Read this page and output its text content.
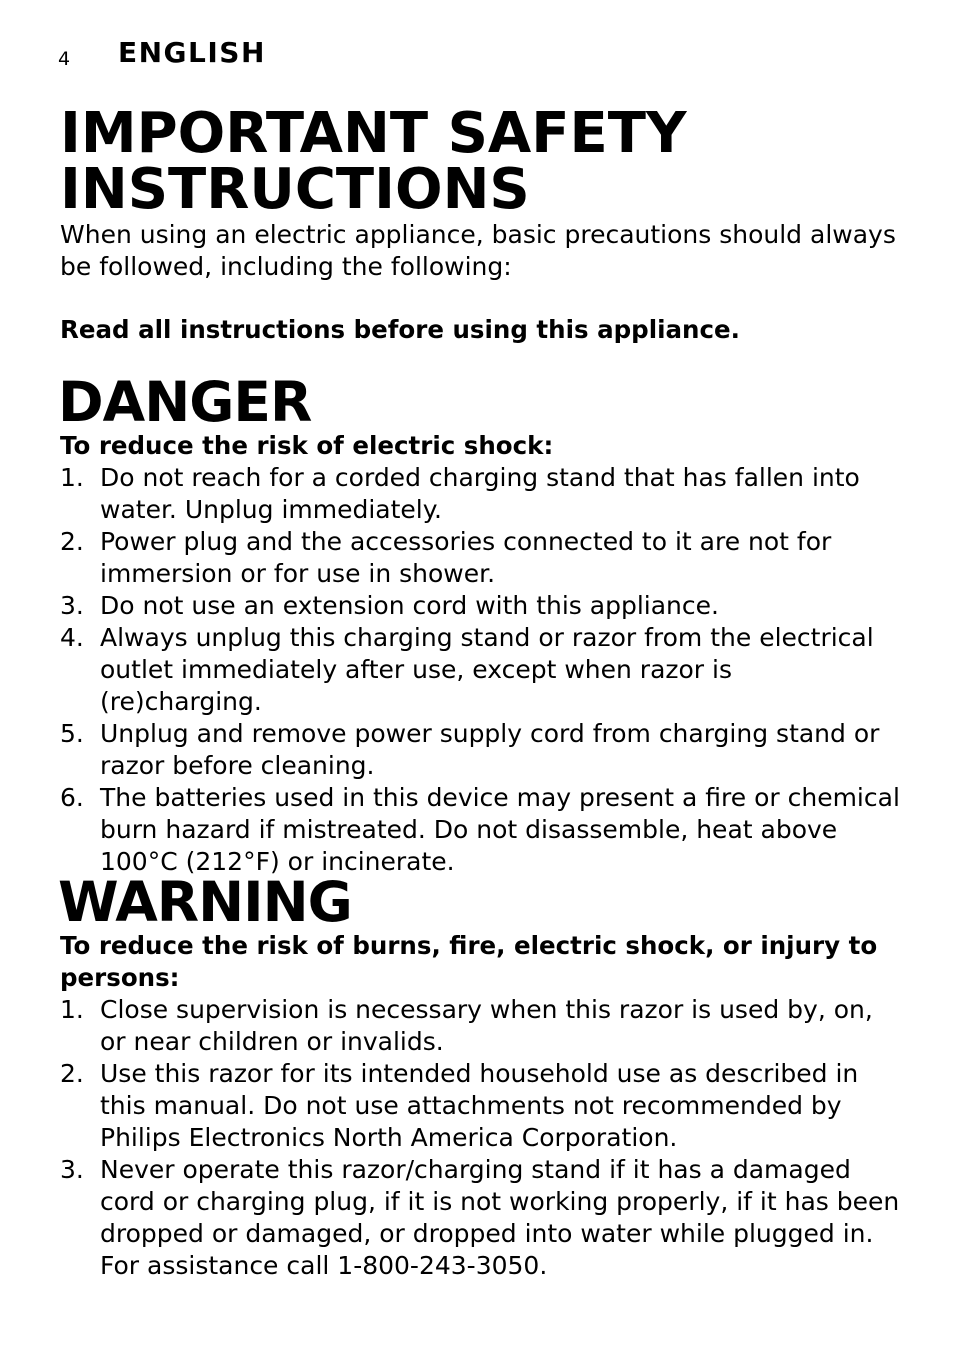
4 ENGLISH
IMPORTANT SAFETY
INSTRUCTIONS
When using an electric appliance, basic precautions should always be followed, including the following:
Read all instructions before using this appliance.
DANGER
To reduce the risk of electric shock:
1. Do not reach for a corded charging stand that has fallen into water. Unplug immediately.
2. Power plug and the accessories connected to it are not for immersion or for use in shower.
3. Do not use an extension cord with this appliance.
4. Always unplug this charging stand or razor from the electrical outlet immediately after use, except when razor is (re)charging.
5. Unplug and remove power supply cord from charging stand or razor before cleaning.
6. The batteries used in this device may present a fire or chemical burn hazard if mistreated. Do not disassemble, heat above 100°C (212°F) or incinerate.
WARNING
To reduce the risk of burns, fire, electric shock, or injury to persons:
1. Close supervision is necessary when this razor is used by, on, or near children or invalids.
2. Use this razor for its intended household use as described in this manual. Do not use attachments not recommended by Philips Electronics North America Corporation.
3. Never operate this razor/charging stand if it has a damaged cord or charging plug, if it is not working properly, if it has been dropped or damaged, or dropped into water while plugged in. For assistance call 1-800-243-3050.
